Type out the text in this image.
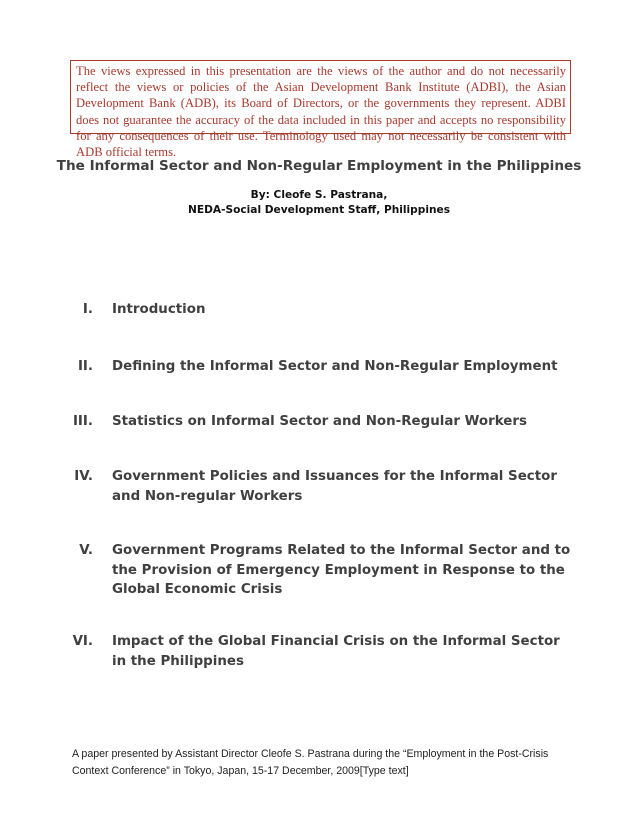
The views expressed in this presentation are the views of the author and do not necessarily reflect the views or policies of the Asian Development Bank Institute (ADBI), the Asian Development Bank (ADB), its Board of Directors, or the governments they represent. ADBI does not guarantee the accuracy of the data included in this paper and accepts no responsibility for any consequences of their use. Terminology used may not necessarily be consistent with ADB official terms.
The Informal Sector and Non-Regular Employment in the Philippines
By: Cleofe S. Pastrana,
NEDA-Social Development Staff, Philippines
I. Introduction
II. Defining the Informal Sector and Non-Regular Employment
III. Statistics on Informal Sector and Non-Regular Workers
IV. Government Policies and Issuances for the Informal Sector and Non-regular Workers
V. Government Programs Related to the Informal Sector and to the Provision of Emergency Employment in Response to the Global Economic Crisis
VI. Impact of the Global Financial Crisis on the Informal Sector in the Philippines
A paper presented by Assistant Director Cleofe S. Pastrana during the “Employment in the Post-Crisis Context Conference” in Tokyo, Japan, 15-17 December, 2009[Type text]
